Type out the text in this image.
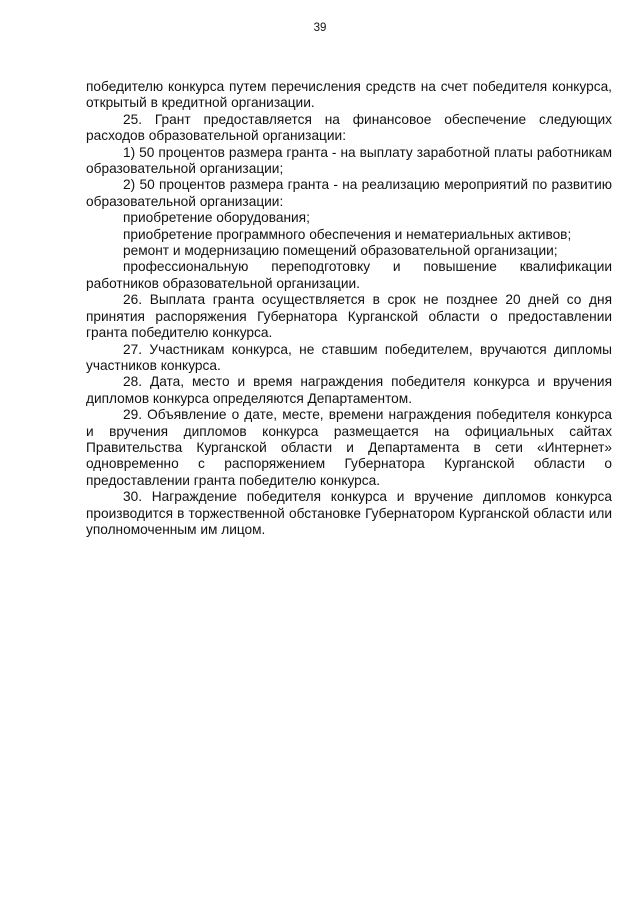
39

победителю конкурса путем перечисления средств на счет победителя конкурса, открытый в кредитной организации.

25. Грант предоставляется на финансовое обеспечение следующих расходов образовательной организации:

1) 50 процентов размера гранта - на выплату заработной платы работникам образовательной организации;

2) 50 процентов размера гранта - на реализацию мероприятий по развитию образовательной организации:

приобретение оборудования;

приобретение программного обеспечения и нематериальных активов;

ремонт и модернизацию помещений образовательной организации;

профессиональную переподготовку и повышение квалификации работников образовательной организации.

26. Выплата гранта осуществляется в срок не позднее 20 дней со дня принятия распоряжения Губернатора Курганской области о предоставлении гранта победителю конкурса.

27. Участникам конкурса, не ставшим победителем, вручаются дипломы участников конкурса.

28. Дата, место и время награждения победителя конкурса и вручения дипломов конкурса определяются Департаментом.

29. Объявление о дате, месте, времени награждения победителя конкурса и вручения дипломов конкурса размещается на официальных сайтах Правительства Курганской области и Департамента в сети «Интернет» одновременно с распоряжением Губернатора Курганской области о предоставлении гранта победителю конкурса.

30. Награждение победителя конкурса и вручение дипломов конкурса производится в торжественной обстановке Губернатором Курганской области или уполномоченным им лицом.
